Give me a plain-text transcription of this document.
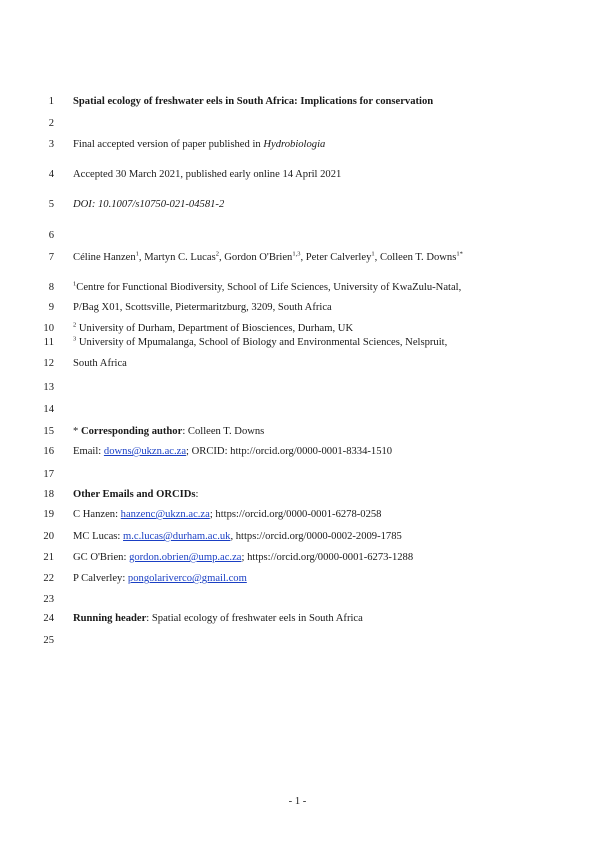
1 Spatial ecology of freshwater eels in South Africa: Implications for conservation
2
3 Final accepted version of paper published in Hydrobiologia
4 Accepted 30 March 2021, published early online 14 April 2021
5 DOI: 10.1007/s10750-021-04581-2
6
7 Céline Hanzen$^1$, Martyn C. Lucas$^2$, Gordon O'Brien$^{1,3}$, Peter Calverley$^1$, Colleen T. Downs$^{1*}$
8	$^1$Centre for Functional Biodiversity, School of Life Sciences, University of KwaZulu-Natal,
9 P/Bag X01, Scottsville, Pietermaritzburg, 3209, South Africa
10	$^2$ University of Durham, Department of Biosciences, Durham, UK
11	$^3$ University of Mpumalanga, School of Biology and Environmental Sciences, Nelspruit,
12 South Africa
13
14
15 * Corresponding author: Colleen T. Downs
16 Email: downs@ukzn.ac.za; ORCID: http://orcid.org/0000-0001-8334-1510
17
18 Other Emails and ORCIDs:
19 C Hanzen: hanzenc@ukzn.ac.za; https://orcid.org/0000-0001-6278-0258
20 MC Lucas: m.c.lucas@durham.ac.uk, https://orcid.org/0000-0002-2009-1785
21 GC O'Brien: gordon.obrien@ump.ac.za; https://orcid.org/0000-0001-6273-1288
22 P Calverley: pongolariverco@gmail.com
23
24 Running header: Spatial ecology of freshwater eels in South Africa
25
- 1 -
